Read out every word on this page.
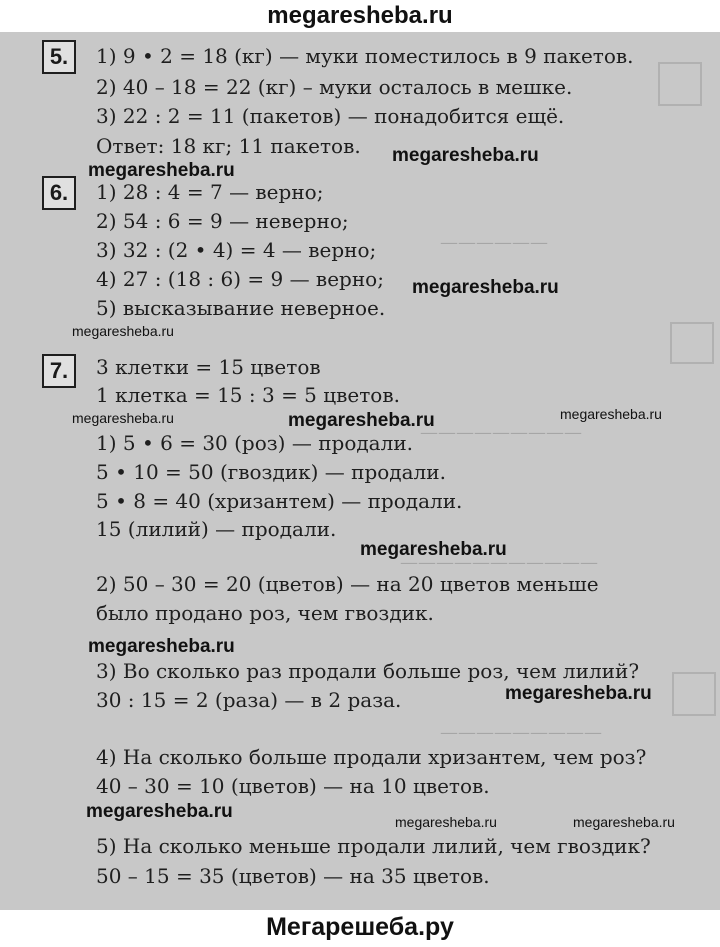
megaresheba.ru
——————
—————————
———————————
—————————
5.	1) 9 • 2 = 18 (кг) — муки поместилось в 9 пакетов.
2) 40 – 18 = 22 (кг) – муки осталось в мешке.
3) 22 : 2 = 11 (пакетов) — понадобится ещё.
Ответ: 18 кг; 11 пакетов. megaresheba.ru
megaresheba.ru
6.	1) 28 : 4 = 7 — верно;
2) 54 : 6 = 9 — неверно;
3) 32 : (2 • 4) = 4 — верно;
4) 27 : (18 : 6) = 9 — верно;
5) высказывание неверное.
megaresheba.ru
megaresheba.ru
7.	3 клетки = 15 цветов
1 клетка = 15 : 3 = 5 цветов.
megaresheba.ru	megaresheba.ru	megaresheba.ru
1) 5 • 6 = 30 (роз) — продали.
5 • 10 = 50 (гвоздик) — продали.
5 • 8 = 40 (хризантем) — продали.
15 (лилий) — продали.
megaresheba.ru
2) 50 – 30 = 20 (цветов) — на 20 цветов меньше
было продано роз, чем гвоздик.
megaresheba.ru
3) Во сколько раз продали больше роз, чем лилий?
30 : 15 = 2 (раза) — в 2 раза.	megaresheba.ru
4) На сколько больше продали хризантем, чем роз?
40 – 30 = 10 (цветов) — на 10 цветов.
megaresheba.ru	megaresheba.ru	megaresheba.ru
5) На сколько меньше продали лилий, чем гвоздик?
50 – 15 = 35 (цветов) — на 35 цветов.
Мегарешеба.ру
